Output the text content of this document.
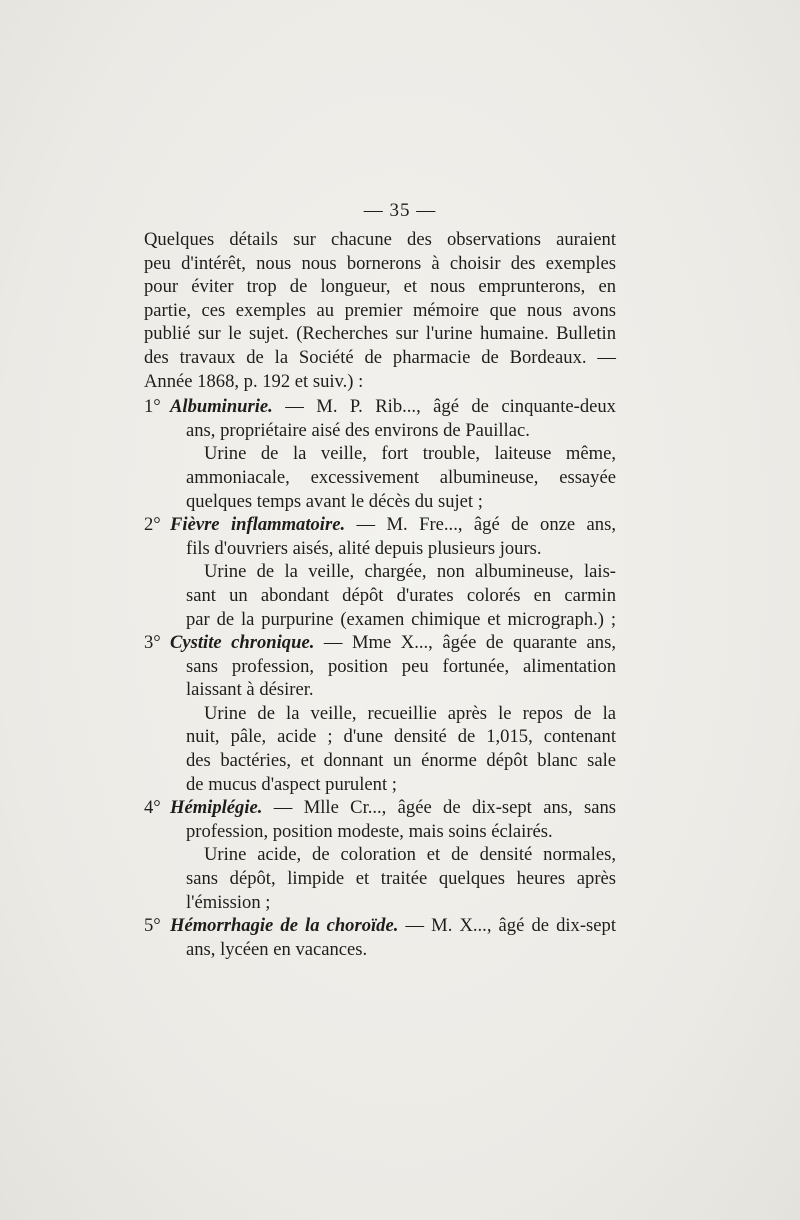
— 35 —
Quelques détails sur chacune des observations auraient
peu d'intérêt, nous nous bornerons à choisir des exemples
pour éviter trop de longueur, et nous emprunterons, en
partie, ces exemples au premier mémoire que nous avons
publié sur le sujet. (Recherches sur l'urine humaine. Bulletin
des travaux de la Société de pharmacie de Bordeaux. —
Année 1868, p. 192 et suiv.) :
1° Albuminurie. — M. P. Rib..., âgé de cinquante-deux
ans, propriétaire aisé des environs de Pauillac.
Urine de la veille, fort trouble, laiteuse même,
ammoniacale, excessivement albumineuse, essayée
quelques temps avant le décès du sujet ;
2° Fièvre inflammatoire. — M. Fre..., âgé de onze ans,
fils d'ouvriers aisés, alité depuis plusieurs jours.
Urine de la veille, chargée, non albumineuse, lais-
sant un abondant dépôt d'urates colorés en carmin
par de la purpurine (examen chimique et micrograph.) ;
3° Cystite chronique. — Mme X..., âgée de quarante ans,
sans profession, position peu fortunée, alimentation
laissant à désirer.
Urine de la veille, recueillie après le repos de la
nuit, pâle, acide ; d'une densité de 1,015, contenant
des bactéries, et donnant un énorme dépôt blanc sale
de mucus d'aspect purulent ;
4° Hémiplégie. — Mlle Cr..., âgée de dix-sept ans, sans
profession, position modeste, mais soins éclairés.
Urine acide, de coloration et de densité normales,
sans dépôt, limpide et traitée quelques heures après
l'émission ;
5° Hémorrhagie de la choroïde. — M. X..., âgé de dix-sept
ans, lycéen en vacances.
